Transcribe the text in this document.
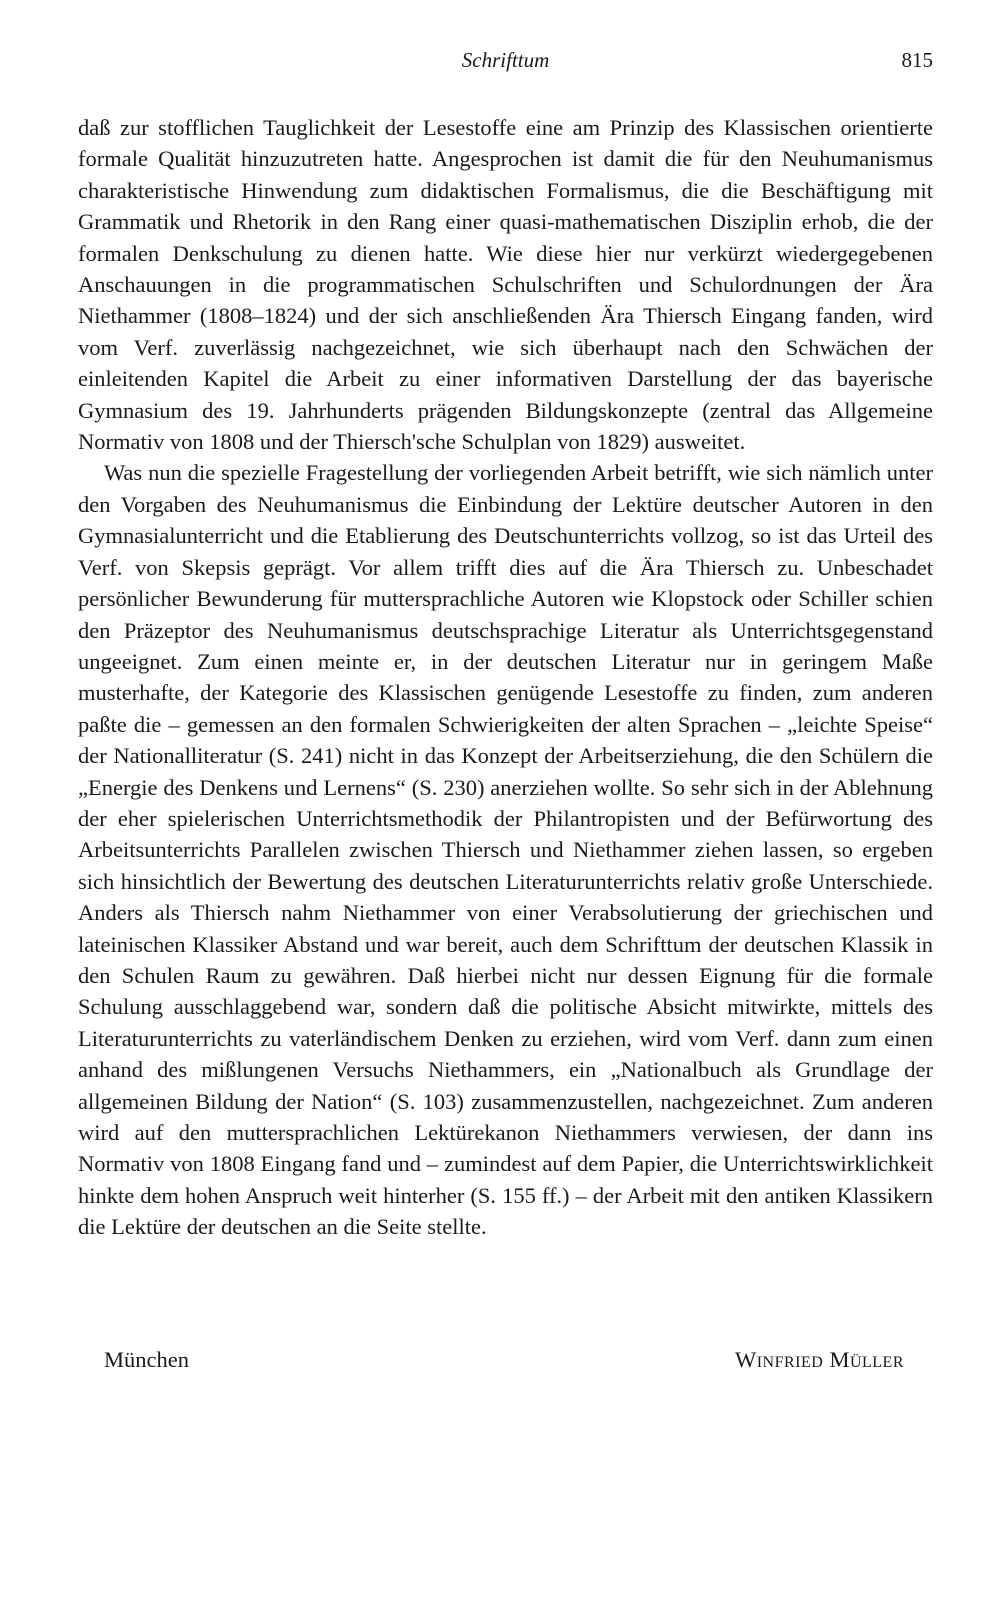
Schrifttum	815

daß zur stofflichen Tauglichkeit der Lesestoffe eine am Prinzip des Klassischen orientierte formale Qualität hinzuzutreten hatte. Angesprochen ist damit die für den Neuhumanismus charakteristische Hinwendung zum didaktischen Formalismus, die die Beschäftigung mit Grammatik und Rhetorik in den Rang einer quasi-mathematischen Disziplin erhob, die der formalen Denkschulung zu dienen hatte. Wie diese hier nur verkürzt wiedergegebenen Anschauungen in die programmatischen Schulschriften und Schulordnungen der Ära Niethammer (1808–1824) und der sich anschließenden Ära Thiersch Eingang fanden, wird vom Verf. zuverlässig nachgezeichnet, wie sich überhaupt nach den Schwächen der einleitenden Kapitel die Arbeit zu einer informativen Darstellung der das bayerische Gymnasium des 19. Jahrhunderts prägenden Bildungskonzepte (zentral das Allgemeine Normativ von 1808 und der Thiersch'sche Schulplan von 1829) ausweitet.

Was nun die spezielle Fragestellung der vorliegenden Arbeit betrifft, wie sich nämlich unter den Vorgaben des Neuhumanismus die Einbindung der Lektüre deutscher Autoren in den Gymnasialunterricht und die Etablierung des Deutschunterrichts vollzog, so ist das Urteil des Verf. von Skepsis geprägt. Vor allem trifft dies auf die Ära Thiersch zu. Unbeschadet persönlicher Bewunderung für muttersprachliche Autoren wie Klopstock oder Schiller schien den Präzeptor des Neuhumanismus deutschsprachige Literatur als Unterrichtsgegenstand ungeeignet. Zum einen meinte er, in der deutschen Literatur nur in geringem Maße musterhafte, der Kategorie des Klassischen genügende Lesestoffe zu finden, zum anderen paßte die – gemessen an den formalen Schwierigkeiten der alten Sprachen – „leichte Speise“ der Nationalliteratur (S. 241) nicht in das Konzept der Arbeitserziehung, die den Schülern die „Energie des Denkens und Lernens“ (S. 230) anerziehen wollte. So sehr sich in der Ablehnung der eher spielerischen Unterrichtsmethodik der Philantropisten und der Befürwortung des Arbeitsunterrichts Parallelen zwischen Thiersch und Niethammer ziehen lassen, so ergeben sich hinsichtlich der Bewertung des deutschen Literaturunterrichts relativ große Unterschiede. Anders als Thiersch nahm Niethammer von einer Verabsolutierung der griechischen und lateinischen Klassiker Abstand und war bereit, auch dem Schrifttum der deutschen Klassik in den Schulen Raum zu gewähren. Daß hierbei nicht nur dessen Eignung für die formale Schulung ausschlaggebend war, sondern daß die politische Absicht mitwirkte, mittels des Literaturunterrichts zu vaterländischem Denken zu erziehen, wird vom Verf. dann zum einen anhand des mißlungenen Versuchs Niethammers, ein „Nationalbuch als Grundlage der allgemeinen Bildung der Nation“ (S. 103) zusammenzustellen, nachgezeichnet. Zum anderen wird auf den muttersprachlichen Lektürekanon Niethammers verwiesen, der dann ins Normativ von 1808 Eingang fand und – zumindest auf dem Papier, die Unterrichtswirklichkeit hinkte dem hohen Anspruch weit hinterher (S. 155 ff.) – der Arbeit mit den antiken Klassikern die Lektüre der deutschen an die Seite stellte.

München	Winfried Müller
